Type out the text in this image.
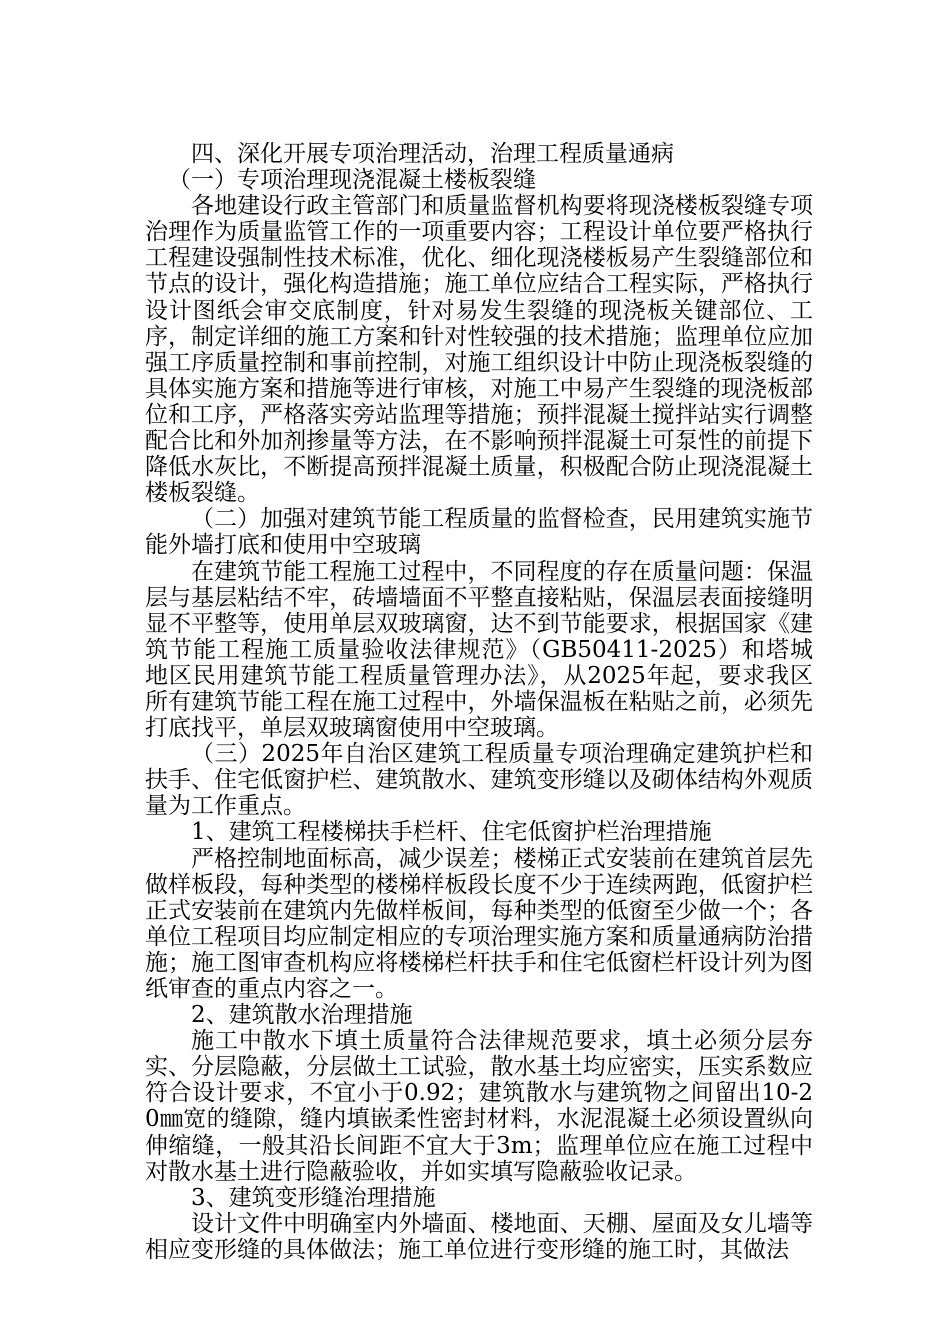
四、深化开展专项治理活动，治理工程质量通病

（一）专项治理现浇混凝土楼板裂缝

各地建设行政主管部门和质量监督机构要将现浇楼板裂缝专项治理作为质量监管工作的一项重要内容；工程设计单位要严格执行工程建设强制性技术标准，优化、细化现浇楼板易产生裂缝部位和节点的设计，强化构造措施；施工单位应结合工程实际，严格执行设计图纸会审交底制度，针对易发生裂缝的现浇板关键部位、工序，制定详细的施工方案和针对性较强的技术措施；监理单位应加强工序质量控制和事前控制，对施工组织设计中防止现浇板裂缝的具体实施方案和措施等进行审核，对施工中易产生裂缝的现浇板部位和工序，严格落实旁站监理等措施；预拌混凝土搅拌站实行调整配合比和外加剂掺量等方法，在不影响预拌混凝土可泵性的前提下降低水灰比，不断提高预拌混凝土质量，积极配合防止现浇混凝土楼板裂缝。

（二）加强对建筑节能工程质量的监督检查，民用建筑实施节能外墙打底和使用中空玻璃

在建筑节能工程施工过程中，不同程度的存在质量问题：保温层与基层粘结不牢，砖墙墙面不平整直接粘贴，保温层表面接缝明显不平整等，使用单层双玻璃窗，达不到节能要求，根据国家《建筑节能工程施工质量验收法律规范》（GB50411-2025）和塔城地区民用建筑节能工程质量管理办法》，从2025年起，要求我区所有建筑节能工程在施工过程中，外墙保温板在粘贴之前，必须先打底找平，单层双玻璃窗使用中空玻璃。

（三）2025年自治区建筑工程质量专项治理确定建筑护栏和扶手、住宅低窗护栏、建筑散水、建筑变形缝以及砌体结构外观质量为工作重点。

1、建筑工程楼梯扶手栏杆、住宅低窗护栏治理措施

严格控制地面标高，减少误差；楼梯正式安装前在建筑首层先做样板段，每种类型的楼梯样板段长度不少于连续两跑，低窗护栏正式安装前在建筑内先做样板间，每种类型的低窗至少做一个；各单位工程项目均应制定相应的专项治理实施方案和质量通病防治措施；施工图审查机构应将楼梯栏杆扶手和住宅低窗栏杆设计列为图纸审查的重点内容之一。

2、建筑散水治理措施

施工中散水下填土质量符合法律规范要求，填土必须分层夯实、分层隐蔽，分层做土工试验，散水基土均应密实，压实系数应符合设计要求，不宜小于0.92；建筑散水与建筑物之间留出10-20㎜宽的缝隙，缝内填嵌柔性密封材料，水泥混凝土必须设置纵向伸缩缝，一般其沿长间距不宜大于3m；监理单位应在施工过程中对散水基土进行隐蔽验收，并如实填写隐蔽验收记录。

3、建筑变形缝治理措施

设计文件中明确室内外墙面、楼地面、天棚、屋面及女儿墙等相应变形缝的具体做法；施工单位进行变形缝的施工时，其做法
